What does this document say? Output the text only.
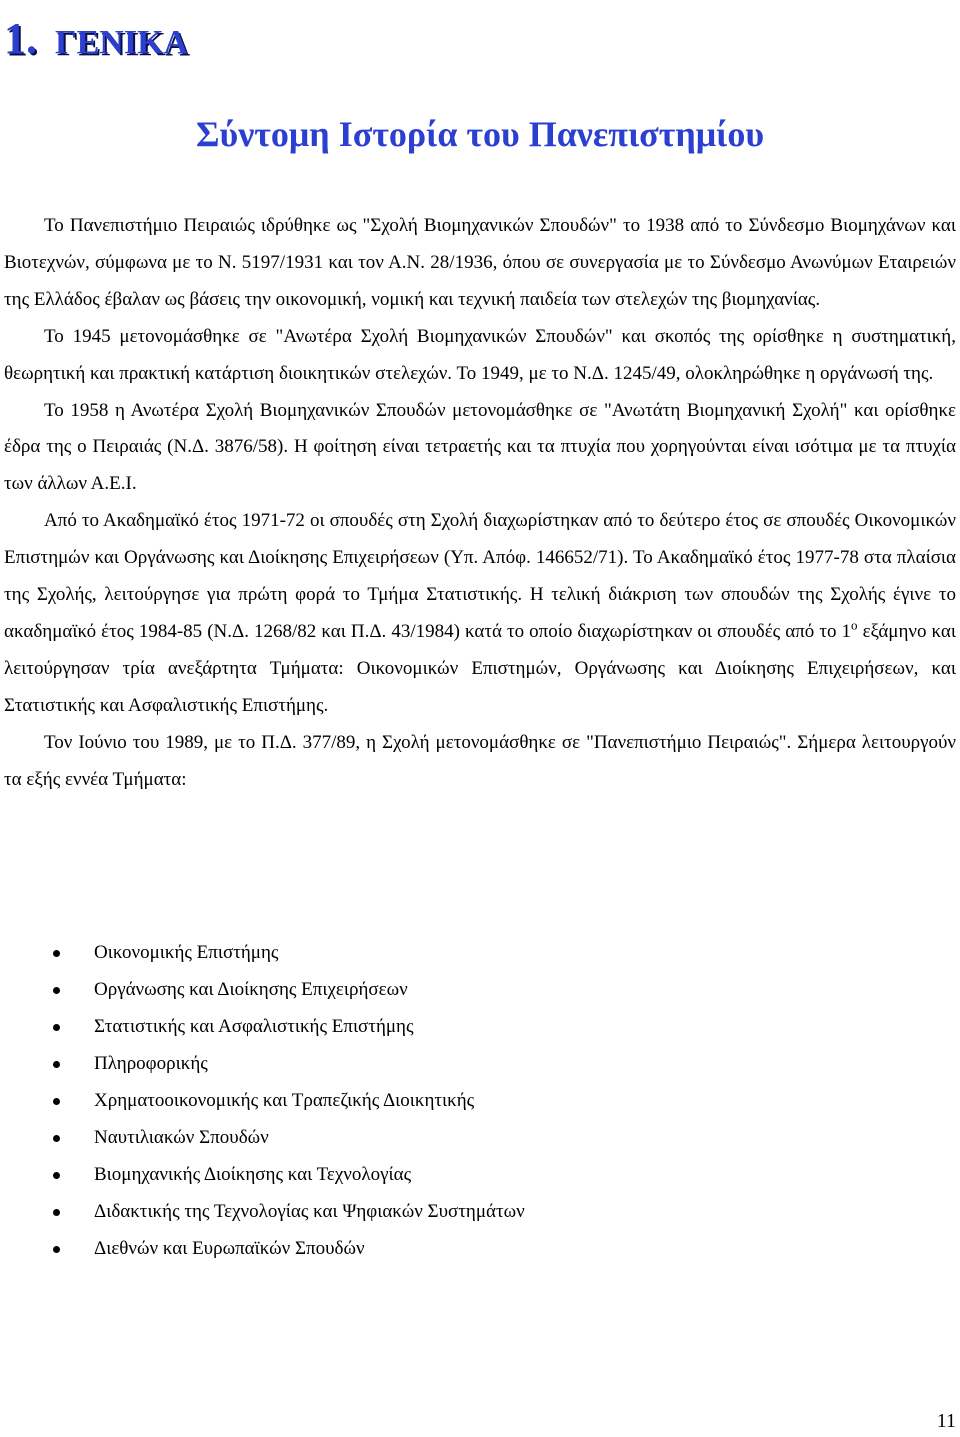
1. ΓΕΝΙΚΑ
Σύντομη Ιστορία του Πανεπιστημίου

Το Πανεπιστήμιο Πειραιώς ιδρύθηκε ως "Σχολή Βιομηχανικών Σπουδών" το 1938 από το Σύνδεσμο Βιομηχάνων και Βιοτεχνών, σύμφωνα με το Ν. 5197/1931 και τον Α.Ν. 28/1936, όπου σε συνεργασία με το Σύνδεσμο Ανωνύμων Εταιρειών της Ελλάδος έβαλαν ως βάσεις την οικονομική, νομική και τεχνική παιδεία των στελεχών της βιομηχανίας.

Το 1945 μετονομάσθηκε σε "Ανωτέρα Σχολή Βιομηχανικών Σπουδών" και σκοπός της ορίσθηκε η συστηματική, θεωρητική και πρακτική κατάρτιση διοικητικών στελεχών. Το 1949, με το Ν.Δ. 1245/49, ολοκληρώθηκε η οργάνωσή της.

Το 1958 η Ανωτέρα Σχολή Βιομηχανικών Σπουδών μετονομάσθηκε σε "Ανωτάτη Βιομηχανική Σχολή" και ορίσθηκε έδρα της ο Πειραιάς (Ν.Δ. 3876/58). Η φοίτηση είναι τετραετής και τα πτυχία που χορηγούνται είναι ισότιμα με τα πτυχία των άλλων Α.Ε.Ι.

Από το Ακαδημαϊκό έτος 1971-72 οι σπουδές στη Σχολή διαχωρίστηκαν από το δεύτερο έτος σε σπουδές Οικονομικών Επιστημών και Οργάνωσης και Διοίκησης Επιχειρήσεων (Υπ. Απόφ. 146652/71). Το Ακαδημαϊκό έτος 1977-78 στα πλαίσια της Σχολής, λειτούργησε για πρώτη φορά το Τμήμα Στατιστικής. Η τελική διάκριση των σπουδών της Σχολής έγινε το ακαδημαϊκό έτος 1984-85 (Ν.Δ. 1268/82 και Π.Δ. 43/1984) κατά το οποίο διαχωρίστηκαν οι σπουδές από το $1^o$ εξάμηνο και λειτούργησαν τρία ανεξάρτητα Τμήματα: Οικονομικών Επιστημών, Οργάνωσης και Διοίκησης Επιχειρήσεων, και Στατιστικής και Ασφαλιστικής Επιστήμης.

Τον Ιούνιο του 1989, με το Π.Δ. 377/89, η Σχολή μετονομάσθηκε σε "Πανεπιστήμιο Πειραιώς". Σήμερα λειτουργούν τα εξής εννέα Τμήματα:

Οικονομικής Επιστήμης
Οργάνωσης και Διοίκησης Επιχειρήσεων
Στατιστικής και Ασφαλιστικής Επιστήμης
Πληροφορικής
Χρηματοοικονομικής και Τραπεζικής Διοικητικής
Ναυτιλιακών Σπουδών
Βιομηχανικής Διοίκησης και Τεχνολογίας
Διδακτικής της Τεχνολογίας και Ψηφιακών Συστημάτων
Διεθνών και Ευρωπαϊκών Σπουδών
11
